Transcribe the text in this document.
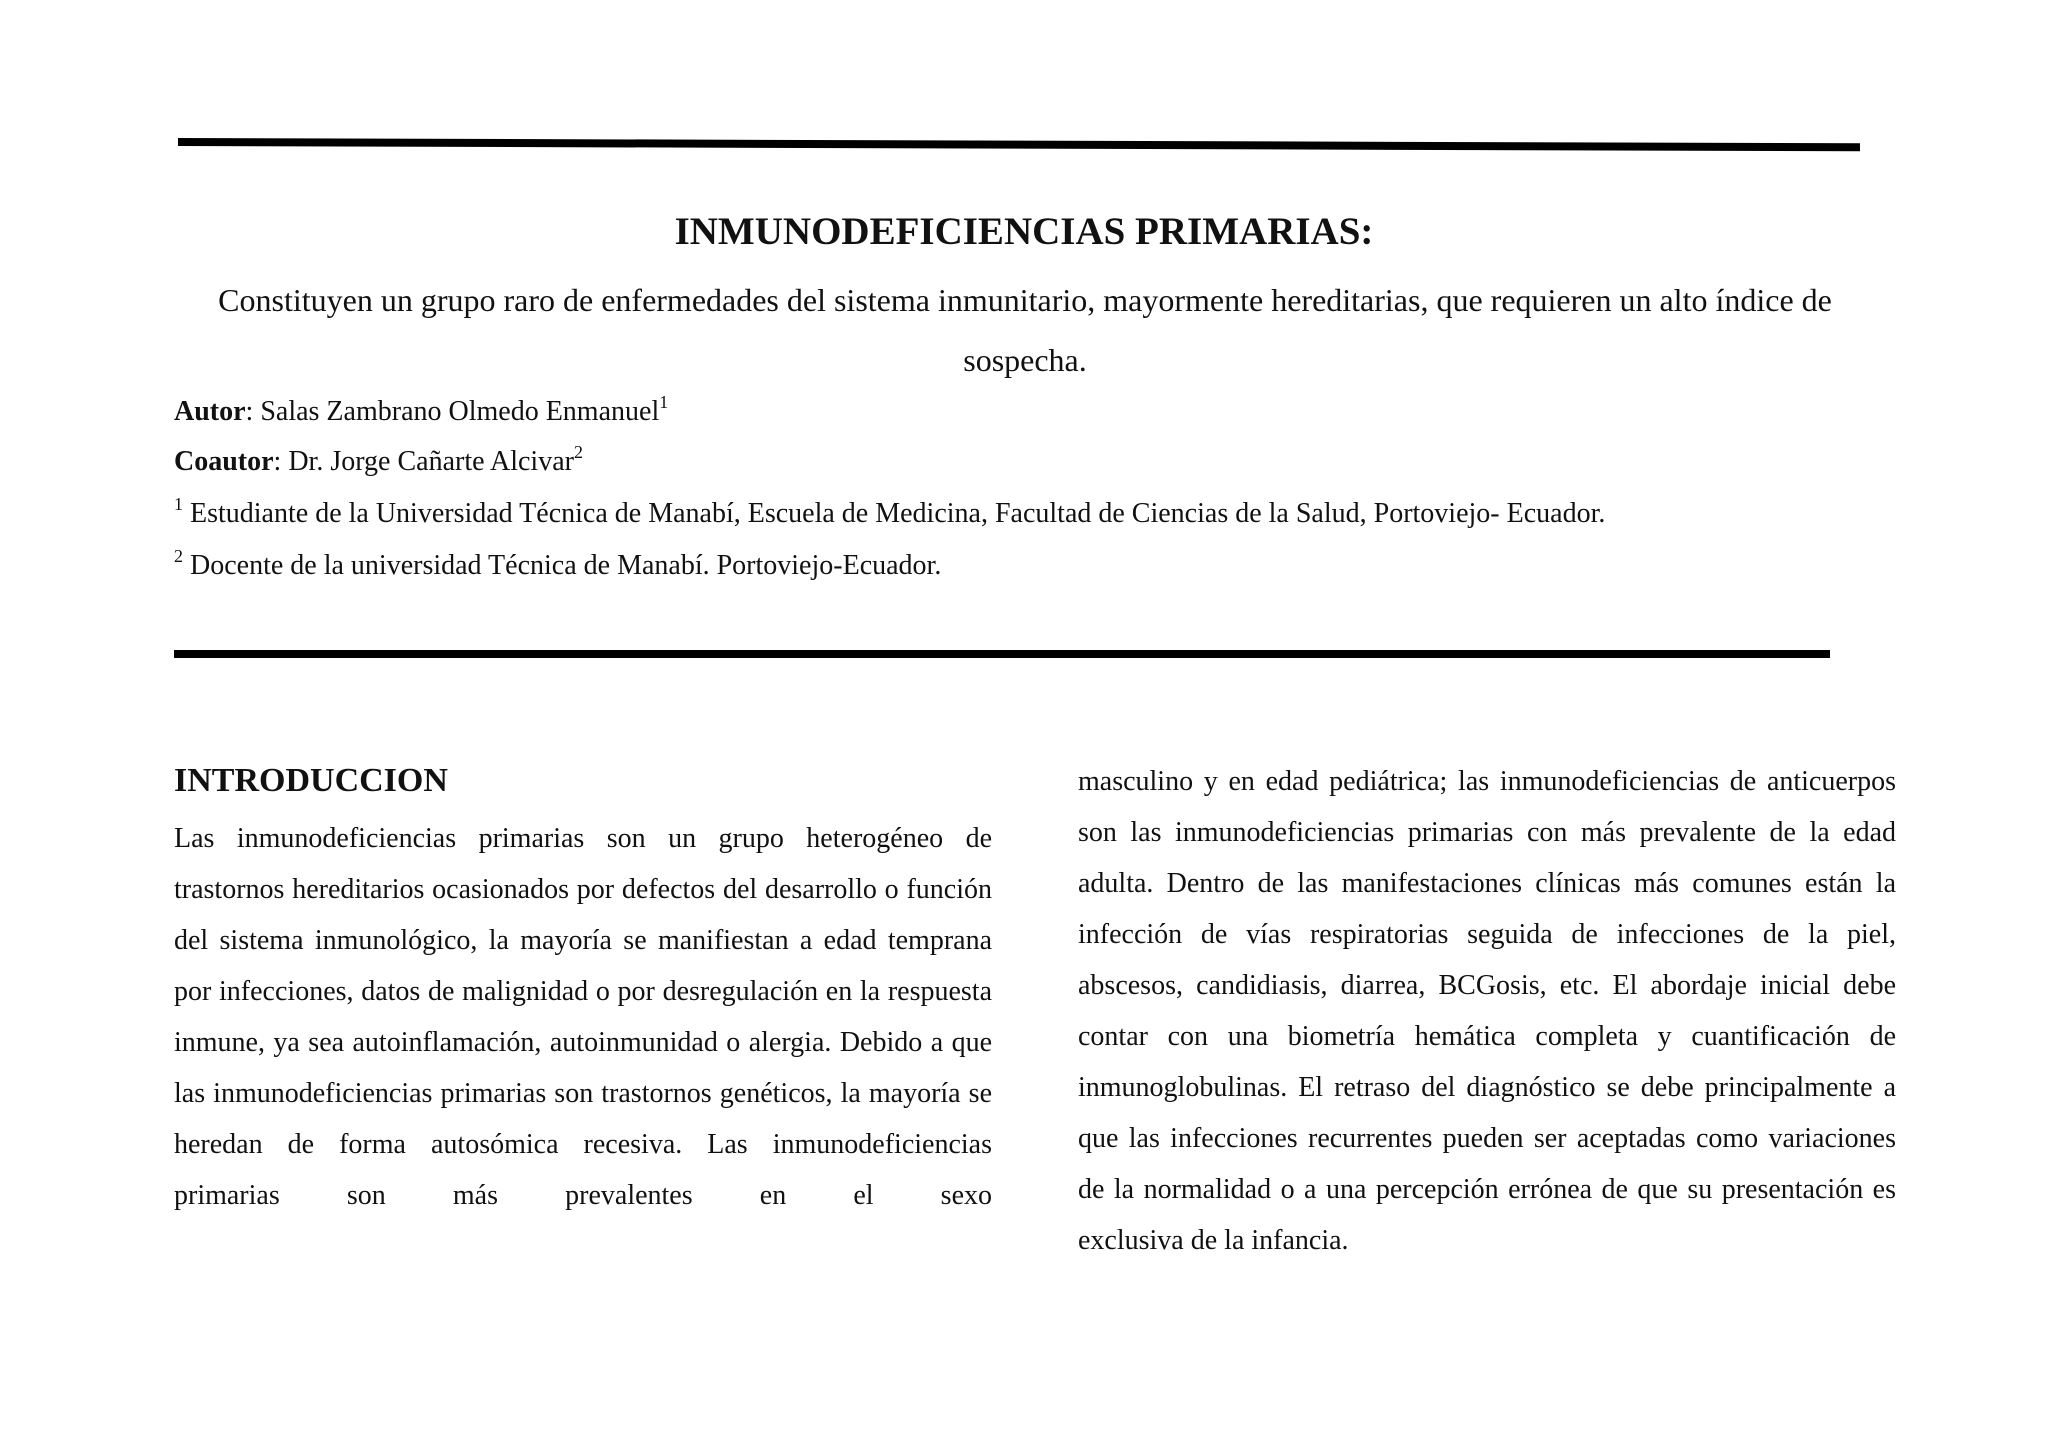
INMUNODEFICIENCIAS PRIMARIAS:
Constituyen un grupo raro de enfermedades del sistema inmunitario, mayormente hereditarias, que requieren un alto índice de sospecha.
Autor: Salas Zambrano Olmedo Enmanuel$^1$
Coautor: Dr. Jorge Cañarte Alcivar$^2$
$^1$ Estudiante de la Universidad Técnica de Manabí, Escuela de Medicina, Facultad de Ciencias de la Salud, Portoviejo- Ecuador.
$^2$ Docente de la universidad Técnica de Manabí. Portoviejo-Ecuador.
INTRODUCCION
Las inmunodeficiencias primarias son un grupo heterogéneo de trastornos hereditarios ocasionados por defectos del desarrollo o función del sistema inmunológico, la mayoría se manifiestan a edad temprana por infecciones, datos de malignidad o por desregulación en la respuesta inmune, ya sea autoinflamación, autoinmunidad o alergia. Debido a que las inmunodeficiencias primarias son trastornos genéticos, la mayoría se heredan de forma autosómica recesiva. Las inmunodeficiencias primarias son más prevalentes en el sexo
masculino y en edad pediátrica; las inmunodeficiencias de anticuerpos son las inmunodeficiencias primarias con más prevalente de la edad adulta. Dentro de las manifestaciones clínicas más comunes están la infección de vías respiratorias seguida de infecciones de la piel, abscesos, candidiasis, diarrea, BCGosis, etc. El abordaje inicial debe contar con una biometría hemática completa y cuantificación de inmunoglobulinas. El retraso del diagnóstico se debe principalmente a que las infecciones recurrentes pueden ser aceptadas como variaciones de la normalidad o a una percepción errónea de que su presentación es exclusiva de la infancia.
